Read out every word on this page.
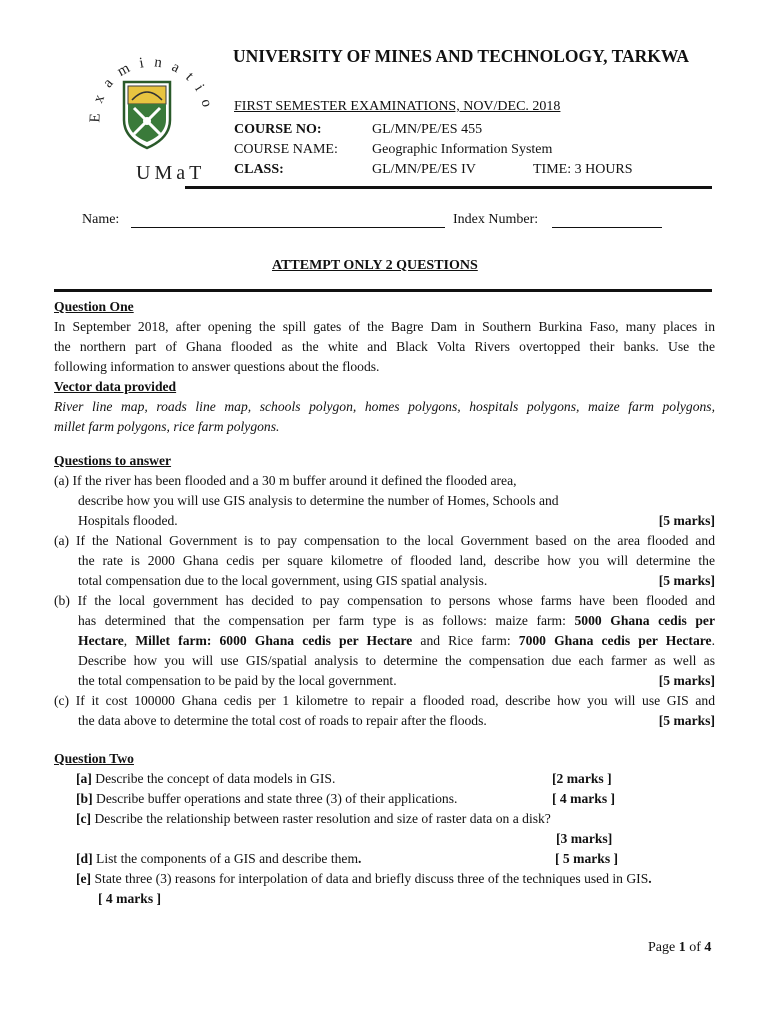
E x a m i n a t i o
UMaT
UNIVERSITY OF MINES AND TECHNOLOGY, TARKWA
FIRST SEMESTER EXAMINATIONS, NOV/DEC. 2018
COURSE NO:	GL/MN/PE/ES 455
COURSE NAME: Geographic Information System
CLASS:	GL/MN/PE/ES IV	TIME: 3 HOURS
Name:	Index Number:
ATTEMPT ONLY 2 QUESTIONS
Question One
In September 2018, after opening the spill gates of the Bagre Dam in Southern Burkina Faso, many places in
the northern part of Ghana flooded as the white and Black Volta Rivers overtopped their banks. Use the
following information to answer questions about the floods.
Vector data provided
River line map, roads line map, schools polygon, homes polygons, hospitals polygons, maize farm polygons,
millet farm polygons, rice farm polygons.
Questions to answer
(a) If the river has been flooded and a 30 m buffer around it defined the flooded area,
describe how you will use GIS analysis to determine the number of Homes, Schools and
Hospitals flooded.	[5 marks]
(a) If the National Government is to pay compensation to the local Government based on the area flooded and
the rate is 2000 Ghana cedis per square kilometre of flooded land, describe how you will determine the
total compensation due to the local government, using GIS spatial analysis.	[5 marks]
(b) If the local government has decided to pay compensation to persons whose farms have been flooded and
has determined that the compensation per farm type is as follows: maize farm: 5000 Ghana cedis per
Hectare, Millet farm: 6000 Ghana cedis per Hectare and Rice farm: 7000 Ghana cedis per Hectare.
Describe how you will use GIS/spatial analysis to determine the compensation due each farmer as well as
the total compensation to be paid by the local government.	[5 marks]
(c) If it cost 100000 Ghana cedis per 1 kilometre to repair a flooded road, describe how you will use GIS and
the data above to determine the total cost of roads to repair after the floods.	[5 marks]
Question Two
[a] Describe the concept of data models in GIS.	[2 marks ]
[b] Describe buffer operations and state three (3) of their applications.	[ 4 marks ]
[c] Describe the relationship between raster resolution and size of raster data on a disk?
[3 marks]
[d] List the components of a GIS and describe them.	[ 5 marks ]
[e] State three (3) reasons for interpolation of data and briefly discuss three of the techniques used in GIS.
[ 4 marks ]
Page 1 of 4
